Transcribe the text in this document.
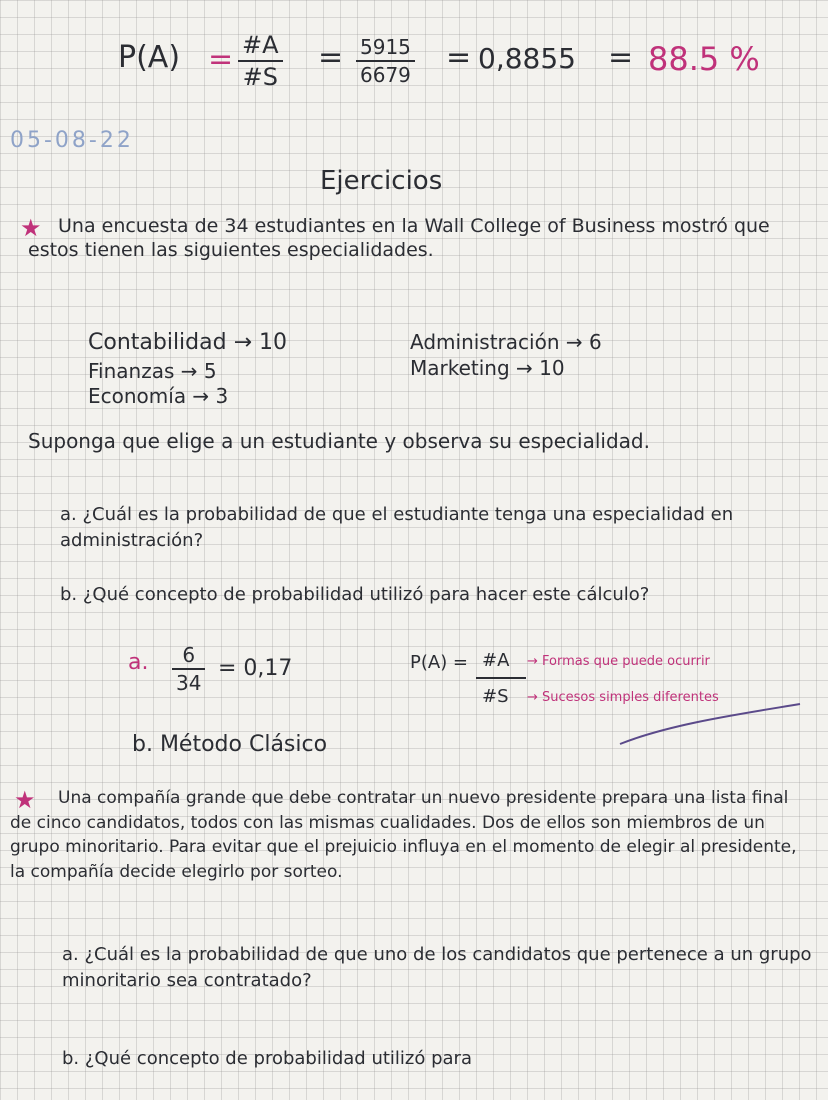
$P(A) = \frac{\#A}{\#S} = \frac{5915}{6679} = 0,8855 = 88.5$ %
05-08-22
Ejercicios
★ Una encuesta de 34 estudiantes en la Wall College of Business mostró que estos tienen las siguientes especialidades.
Contabilidad → 10
Finanzas → 5
Economía → 3
Administración → 6
Marketing → 10
Suponga que elige a un estudiante y observa su especialidad.
a. ¿Cuál es la probabilidad de que el estudiante tenga una especialidad en administración?
b. ¿Qué concepto de probabilidad utilizó para hacer este cálculo?
a. $\frac{6}{34} = 0,17$	P(A) = #A
#S
→ Formas que puede ocurrir
→ Sucesos simples diferentes
b. Método Clásico
★	Una compañía grande que debe contratar un nuevo presidente prepara una lista final de cinco candidatos, todos con las mismas cualidades. Dos de ellos son miembros de un grupo minoritario. Para evitar que el prejuicio influya en el momento de elegir al presidente, la compañía decide elegirlo por sorteo.
a. ¿Cuál es la probabilidad de que uno de los candidatos que pertenece a un grupo minoritario sea contratado?
b. ¿Qué concepto de probabilidad utilizó para
